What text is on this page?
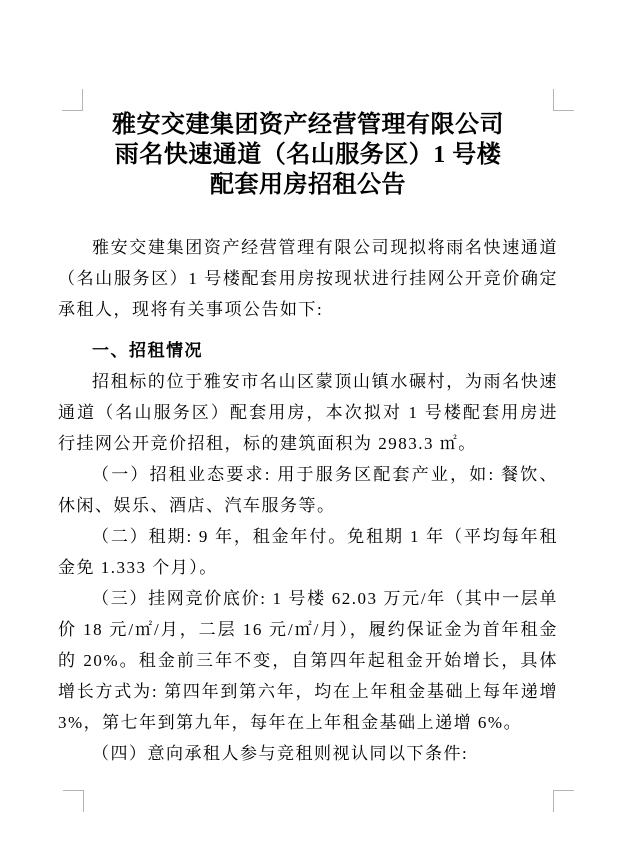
雅安交建集团资产经营管理有限公司
雨名快速通道（名山服务区）1 号楼
配套用房招租公告

雅安交建集团资产经营管理有限公司现拟将雨名快速通道（名山服务区）1 号楼配套用房按现状进行挂网公开竞价确定承租人，现将有关事项公告如下:

一、招租情况

招租标的位于雅安市名山区蒙顶山镇水碾村，为雨名快速通道（名山服务区）配套用房，本次拟对 1 号楼配套用房进行挂网公开竞价招租，标的建筑面积为 2983.3 ㎡。

（一）招租业态要求: 用于服务区配套产业，如: 餐饮、休闲、娱乐、酒店、汽车服务等。

（二）租期: 9 年，租金年付。免租期 1 年（平均每年租金免 1.333 个月）。

（三）挂网竞价底价: 1 号楼 62.03 万元/年（其中一层单价 18 元/㎡/月，二层 16 元/㎡/月），履约保证金为首年租金的 20%。租金前三年不变，自第四年起租金开始增长，具体增长方式为: 第四年到第六年，均在上年租金基础上每年递增 3%，第七年到第九年，每年在上年租金基础上递增 6%。

（四）意向承租人参与竞租则视认同以下条件:
